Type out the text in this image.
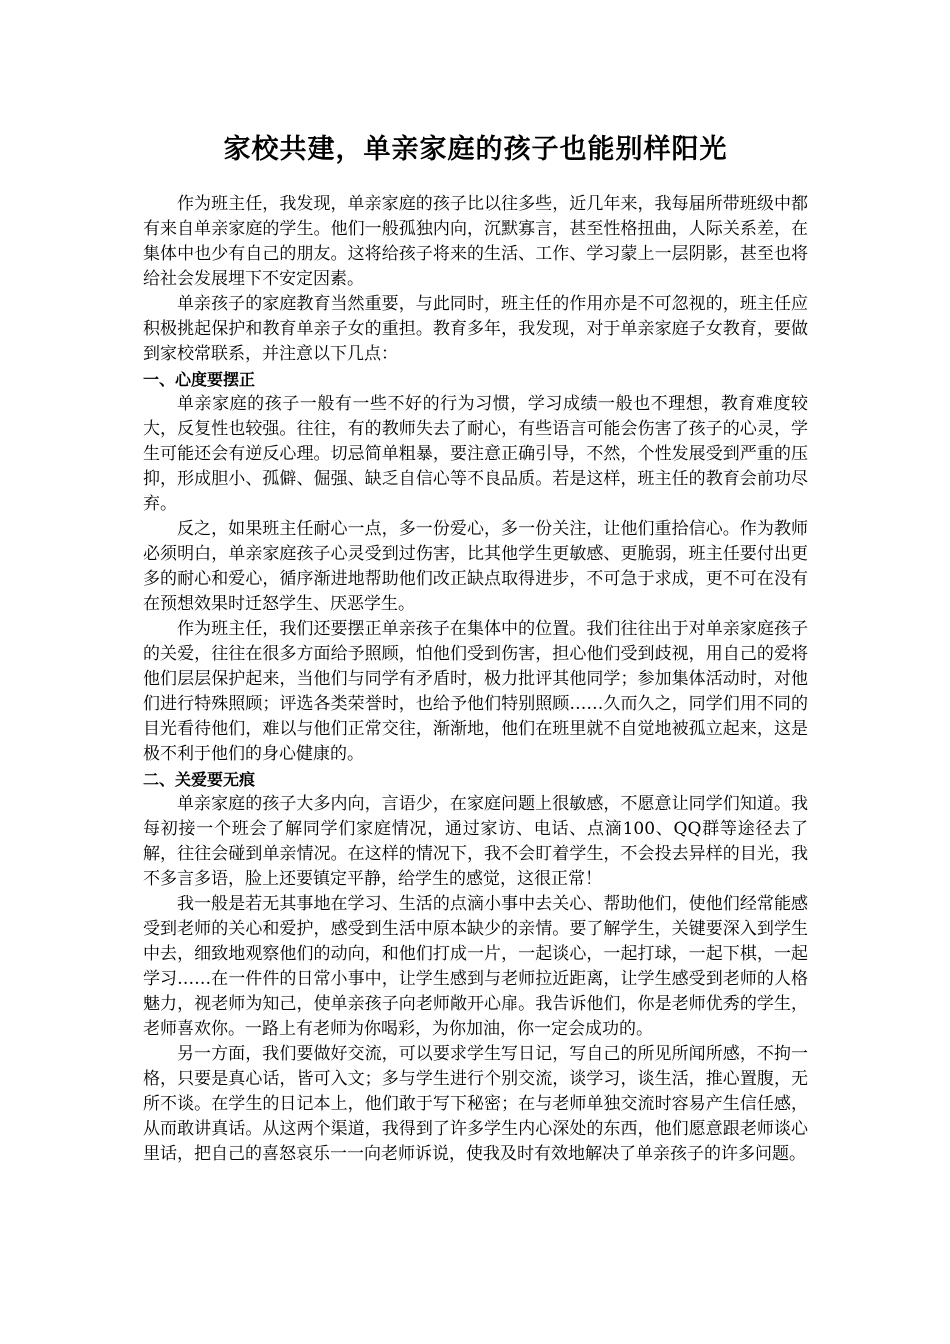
家校共建，单亲家庭的孩子也能别样阳光

作为班主任，我发现，单亲家庭的孩子比以往多些，近几年来，我每届所带班级中都有来自单亲家庭的学生。他们一般孤独内向，沉默寡言，甚至性格扭曲，人际关系差，在集体中也少有自己的朋友。这将给孩子将来的生活、工作、学习蒙上一层阴影，甚至也将给社会发展埋下不安定因素。

单亲孩子的家庭教育当然重要，与此同时，班主任的作用亦是不可忽视的，班主任应积极挑起保护和教育单亲子女的重担。教育多年，我发现，对于单亲家庭子女教育，要做到家校常联系，并注意以下几点：

一、心度要摆正

单亲家庭的孩子一般有一些不好的行为习惯，学习成绩一般也不理想，教育难度较大，反复性也较强。往往，有的教师失去了耐心，有些语言可能会伤害了孩子的心灵，学生可能还会有逆反心理。切忌简单粗暴，要注意正确引导，不然，个性发展受到严重的压抑，形成胆小、孤僻、倔强、缺乏自信心等不良品质。若是这样，班主任的教育会前功尽弃。

反之，如果班主任耐心一点，多一份爱心，多一份关注，让他们重拾信心。作为教师必须明白，单亲家庭孩子心灵受到过伤害，比其他学生更敏感、更脆弱，班主任要付出更多的耐心和爱心，循序渐进地帮助他们改正缺点取得进步，不可急于求成，更不可在没有在预想效果时迁怒学生、厌恶学生。

作为班主任，我们还要摆正单亲孩子在集体中的位置。我们往往出于对单亲家庭孩子的关爱，往往在很多方面给予照顾，怕他们受到伤害，担心他们受到歧视，用自己的爱将他们层层保护起来，当他们与同学有矛盾时，极力批评其他同学；参加集体活动时，对他们进行特殊照顾；评选各类荣誉时，也给予他们特别照顾……久而久之，同学们用不同的目光看待他们，难以与他们正常交往，渐渐地，他们在班里就不自觉地被孤立起来，这是极不利于他们的身心健康的。

二、关爱要无痕

单亲家庭的孩子大多内向，言语少，在家庭问题上很敏感，不愿意让同学们知道。我每初接一个班会了解同学们家庭情况，通过家访、电话、点滴100、QQ群等途径去了解，往往会碰到单亲情况。在这样的情况下，我不会盯着学生，不会投去异样的目光，我不多言多语，脸上还要镇定平静，给学生的感觉，这很正常！

我一般是若无其事地在学习、生活的点滴小事中去关心、帮助他们，使他们经常能感受到老师的关心和爱护，感受到生活中原本缺少的亲情。要了解学生，关键要深入到学生中去，细致地观察他们的动向，和他们打成一片，一起谈心，一起打球，一起下棋，一起学习……在一件件的日常小事中，让学生感到与老师拉近距离，让学生感受到老师的人格魅力，视老师为知己，使单亲孩子向老师敞开心扉。我告诉他们，你是老师优秀的学生，老师喜欢你。一路上有老师为你喝彩，为你加油，你一定会成功的。

另一方面，我们要做好交流，可以要求学生写日记，写自己的所见所闻所感，不拘一格，只要是真心话，皆可入文；多与学生进行个别交流，谈学习，谈生活，推心置腹，无所不谈。在学生的日记本上，他们敢于写下秘密；在与老师单独交流时容易产生信任感，从而敢讲真话。从这两个渠道，我得到了许多学生内心深处的东西，他们愿意跟老师谈心里话，把自己的喜怒哀乐一一向老师诉说，使我及时有效地解决了单亲孩子的许多问题。
